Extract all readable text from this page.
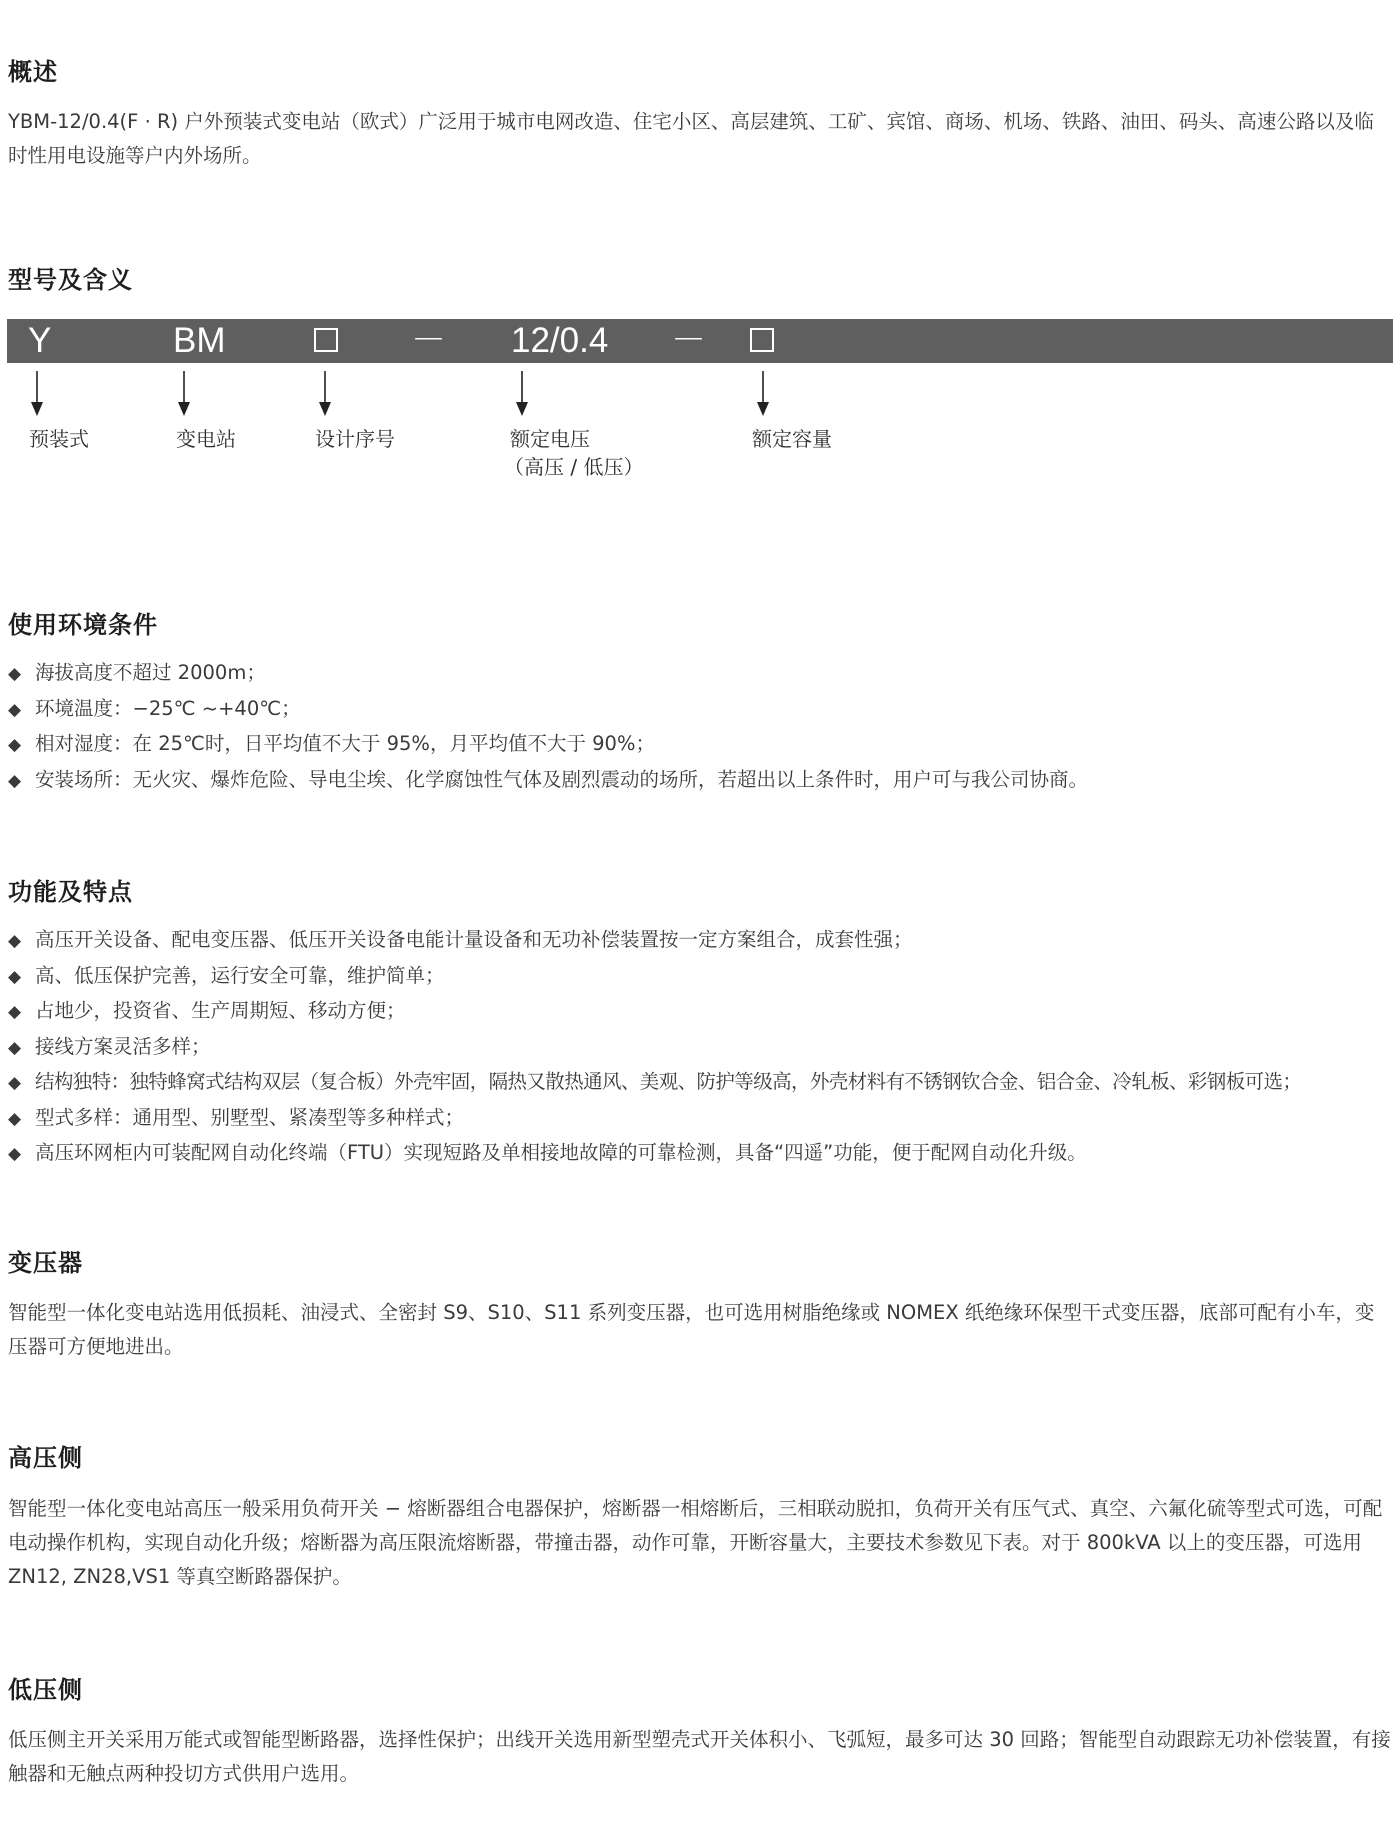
概述

YBM-12/0.4(F · R) 户外预装式变电站（欧式）广泛用于城市电网改造、住宅小区、高层建筑、工矿、宾馆、商场、机场、铁路、油田、码头、高速公路以及临时性用电设施等户内外场所。

型号及含义
Y	BM	－ 12/0.4 －
预装式	变电站	设计序号	额定电压
（高压 / 低压）
额定容量
使用环境条件
◆ 海拔高度不超过 2000m；
◆ 环境温度：−25℃ ~+40℃；
◆ 相对湿度：在 25℃时，日平均值不大于 95%，月平均值不大于 90%；
◆ 安装场所：无火灾、爆炸危险、导电尘埃、化学腐蚀性气体及剧烈震动的场所，若超出以上条件时，用户可与我公司协商。
功能及特点
◆ 高压开关设备、配电变压器、低压开关设备电能计量设备和无功补偿装置按一定方案组合，成套性强；
◆ 高、低压保护完善，运行安全可靠，维护简单；
◆ 占地少，投资省、生产周期短、移动方便；
◆ 接线方案灵活多样；
◆ 结构独特：独特蜂窝式结构双层（复合板）外壳牢固，隔热又散热通风、美观、防护等级高，外壳材料有不锈钢钦合金、铝合金、冷轧板、彩钢板可选；
◆ 型式多样：通用型、别墅型、紧凑型等多种样式；
◆ 高压环网柜内可装配网自动化终端（FTU）实现短路及单相接地故障的可靠检测，具备“四遥”功能，便于配网自动化升级。
变压器

智能型一体化变电站选用低损耗、油浸式、全密封 S9、S10、S11 系列变压器，也可选用树脂绝缘或 NOMEX 纸绝缘环保型干式变压器，底部可配有小车，变压器可方便地进出。

高压侧

智能型一体化变电站高压一般采用负荷开关 − 熔断器组合电器保护，熔断器一相熔断后，三相联动脱扣，负荷开关有压气式、真空、六氟化硫等型式可选，可配电动操作机构，实现自动化升级；熔断器为高压限流熔断器，带撞击器，动作可靠，开断容量大，主要技术参数见下表。对于 800kVA 以上的变压器，可选用 ZN12, ZN28,VS1 等真空断路器保护。

低压侧

低压侧主开关采用万能式或智能型断路器，选择性保护；出线开关选用新型塑壳式开关体积小、飞弧短，最多可达 30 回路；智能型自动跟踪无功补偿装置，有接触器和无触点两种投切方式供用户选用。
